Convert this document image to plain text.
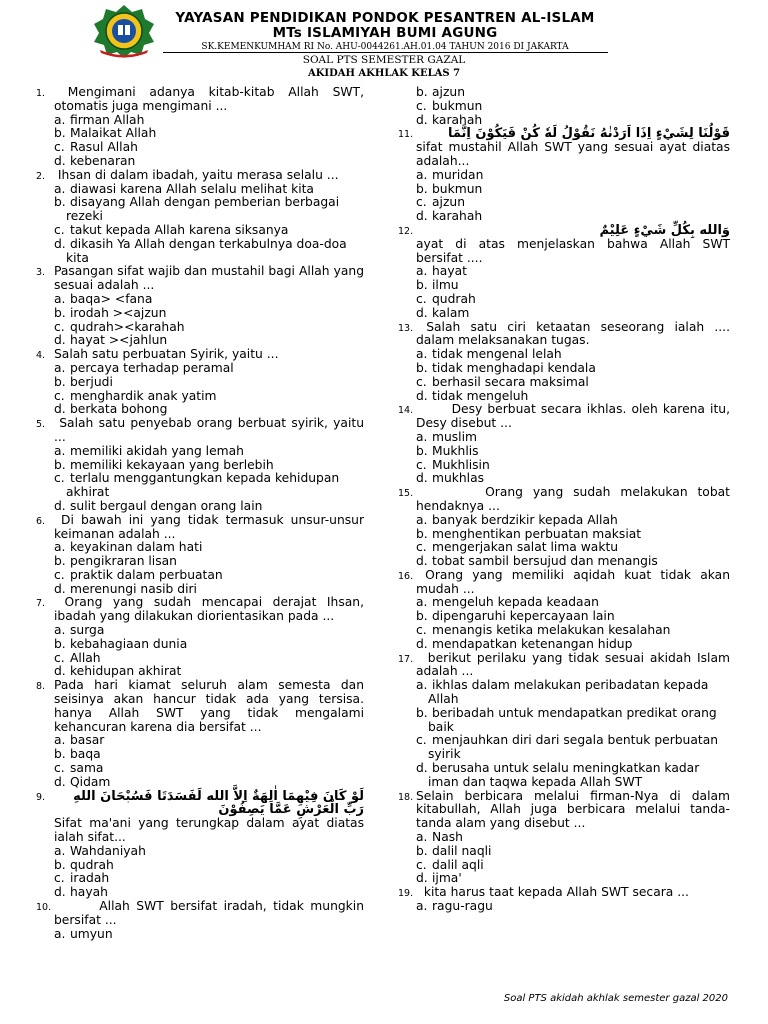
YAYASAN PENDIDIKAN PONDOK PESANTREN AL-ISLAM
MTs ISLAMIYAH BUMI AGUNG
SK.KEMENKUMHAM RI No. AHU-0044261.AH.01.04 TAHUN 2016 DI JAKARTA
SOAL PTS SEMESTER GAZAL
AKIDAH AKHLAK KELAS 7

1. Mengimani adanya kitab-kitab Allah SWT, otomatis juga mengimani ...

a. firman Allah
b. Malaikat Allah
c. Rasul Allah
d. kebenaran

2. Ihsan di dalam ibadah, yaitu merasa selalu ...

a. diawasi karena Allah selalu melihat kita
b. disayang Allah dengan pemberian berbagai rezeki
c. takut kepada Allah karena siksanya
d. dikasih Ya Allah dengan terkabulnya doa-doa kita

3. Pasangan sifat wajib dan mustahil bagi Allah yang sesuai adalah ...

a. baqa> <fana
b. irodah ><ajzun
c. qudrah><karahah
d. hayat ><jahlun

4. Salah satu perbuatan Syirik, yaitu ...

a. percaya terhadap peramal
b. berjudi
c. menghardik anak yatim
d. berkata bohong

5. Salah satu penyebab orang berbuat syirik, yaitu ...

a. memiliki akidah yang lemah
b. memiliki kekayaan yang berlebih
c. terlalu menggantungkan kepada kehidupan akhirat
d. sulit bergaul dengan orang lain

6. Di bawah ini yang tidak termasuk unsur-unsur keimanan adalah ...

a. keyakinan dalam hati
b. pengikraran lisan
c. praktik dalam perbuatan
d. merenungi nasib diri

7. Orang yang sudah mencapai derajat Ihsan, ibadah yang dilakukan diorientasikan pada ...

a. surga
b. kebahagiaan dunia
c. Allah
d. kehidupan akhirat

8. Pada hari kiamat seluruh alam semesta dan seisinya akan hancur tidak ada yang tersisa. hanya Allah SWT yang tidak mengalami kehancuran karena dia bersifat ...

a. basar
b. baqa
c. sama
d. Qidam
9.	لَوْ كَانَ فِيْهِمَا اٰلِهَةٌ اِلاَّ الله لَفَسَدَتَا فَسُبْحَانَ اللهِ رَبِّ الْعَرْشِ عَمَّا يَصِفُوْنَ

Sifat ma'ani yang terungkap dalam ayat diatas ialah sifat...

a. Wahdaniyah
b. qudrah
c. iradah
d. hayah

10. Allah SWT bersifat iradah, tidak mungkin bersifat ...

a. umyun
b. ajzun
c. bukmun
d. karahah
11.	قَوْلُنَا لِشَيْءٍ اِذَا اَرَدْنٰهُ نَقُوْلُ لَهٗ كُنْ فَيَكُوْنَ اِنَّمَا

sifat mustahil Allah SWT yang sesuai ayat diatas adalah...

a. muridan
b. bukmun
c. ajzun
d. karahah
12.	وَالله بِكُلِّ شَيْءٍ عَلِيْمٌ

ayat di atas menjelaskan bahwa Allah SWT bersifat ....

a. hayat
b. ilmu
c. qudrah
d. kalam

13. Salah satu ciri ketaatan seseorang ialah ....  dalam melaksanakan tugas.

a. tidak mengenal lelah
b. tidak menghadapi kendala
c. berhasil secara maksimal
d. tidak mengeluh

14. Desy berbuat secara ikhlas. oleh karena itu, Desy disebut ...

a. muslim
b. Mukhlis
c. Mukhlisin
d. mukhlas

15. Orang yang sudah melakukan tobat hendaknya ...

a. banyak berdzikir kepada Allah
b. menghentikan perbuatan maksiat
c. mengerjakan salat lima waktu
d. tobat sambil bersujud dan menangis

16. Orang yang memiliki aqidah kuat tidak akan mudah ...

a. mengeluh kepada keadaan
b. dipengaruhi kepercayaan lain
c. menangis ketika melakukan kesalahan
d. mendapatkan ketenangan hidup

17. berikut perilaku yang tidak sesuai akidah Islam adalah ...

a. ikhlas dalam melakukan peribadatan kepada Allah
b. beribadah untuk mendapatkan predikat orang baik
c. menjauhkan diri dari segala bentuk perbuatan syirik
d. berusaha untuk selalu meningkatkan kadar iman dan taqwa kepada Allah SWT

18. Selain berbicara melalui firman-Nya di dalam kitabullah, Allah juga berbicara melalui tanda-tanda alam yang disebut ...

a. Nash
b. dalil naqli
c. dalil aqli
d. ijma'

19. kita harus taat kepada Allah SWT secara ...

a. ragu-ragu
Soal PTS akidah akhlak semester gazal 2020
